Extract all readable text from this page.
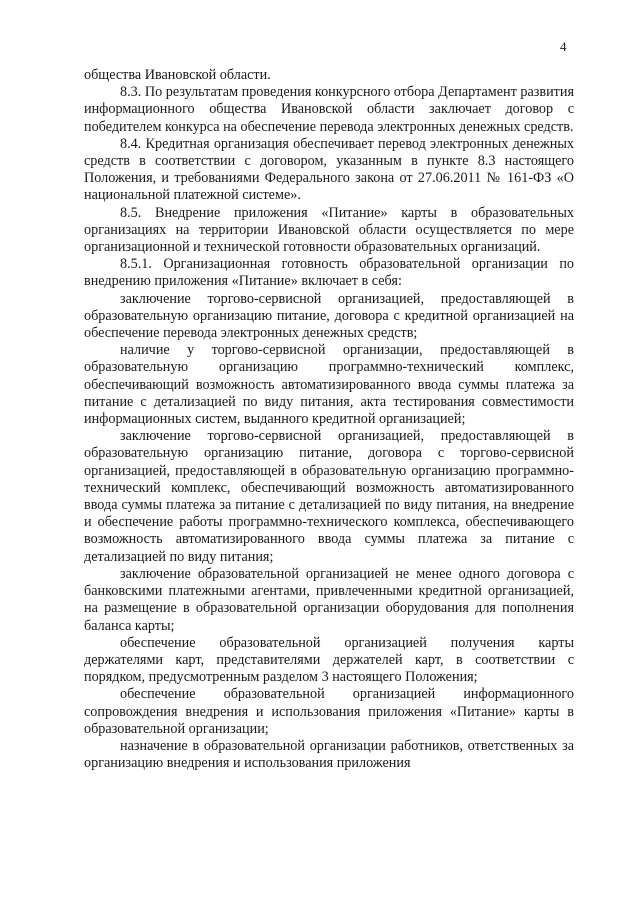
4

общества Ивановской области.

8.3. По результатам проведения конкурсного отбора Департамент развития информационного общества Ивановской области заключает договор с победителем конкурса на обеспечение перевода электронных денежных средств.

8.4. Кредитная организация обеспечивает перевод электронных денежных средств в соответствии с договором, указанным в пункте 8.3 настоящего Положения, и требованиями Федерального закона от 27.06.2011 № 161-ФЗ «О национальной платежной системе».

8.5. Внедрение приложения «Питание» карты в образовательных организациях на территории Ивановской области осуществляется по мере организационной и технической готовности образовательных организаций.

8.5.1. Организационная готовность образовательной организации по внедрению приложения «Питание» включает в себя:

заключение торгово-сервисной организацией, предоставляющей в образовательную организацию питание, договора с кредитной организацией на обеспечение перевода электронных денежных средств;

наличие у торгово-сервисной организации, предоставляющей в образовательную организацию программно-технический комплекс, обеспечивающий возможность автоматизированного ввода суммы платежа за питание с детализацией по виду питания, акта тестирования совместимости информационных систем, выданного кредитной организацией;

заключение торгово-сервисной организацией, предоставляющей в образовательную организацию питание, договора с торгово-сервисной организацией, предоставляющей в образовательную организацию программно-технический комплекс, обеспечивающий возможность автоматизированного ввода суммы платежа за питание с детализацией по виду питания, на внедрение и обеспечение работы программно-технического комплекса, обеспечивающего возможность автоматизированного ввода суммы платежа за питание с детализацией по виду питания;

заключение образовательной организацией не менее одного договора с банковскими платежными агентами, привлеченными кредитной организацией, на размещение в образовательной организации оборудования для пополнения баланса карты;

обеспечение образовательной организацией получения карты держателями карт, представителями держателей карт, в соответствии с порядком, предусмотренным разделом 3 настоящего Положения;

обеспечение образовательной организацией информационного сопровождения внедрения и использования приложения «Питание» карты в образовательной организации;

назначение в образовательной организации работников, ответственных за организацию внедрения и использования приложения
